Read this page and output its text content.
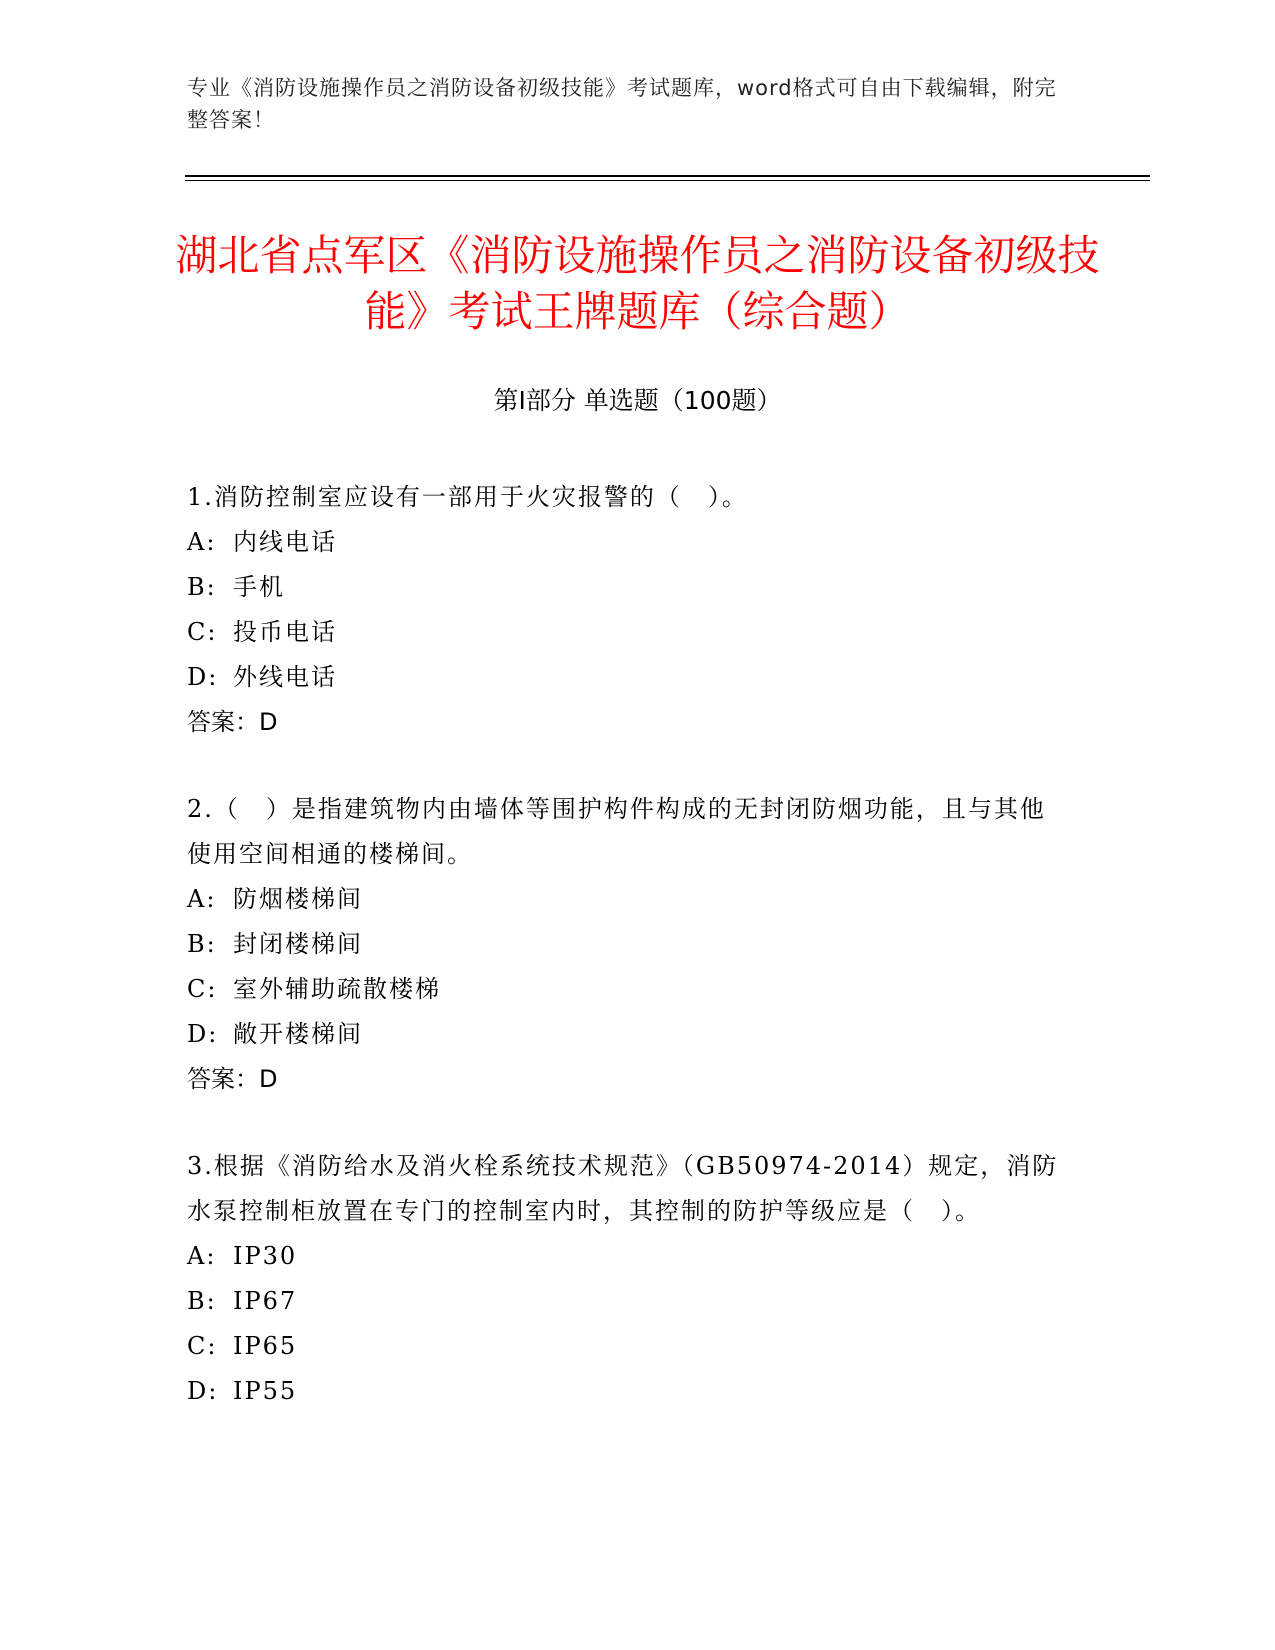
专业《消防设施操作员之消防设备初级技能》考试题库，word格式可自由下载编辑，附完整答案！
湖北省点军区《消防设施操作员之消防设备初级技能》考试王牌题库（综合题）
第Ⅰ部分 单选题（100题）

1.消防控制室应设有一部用于火灾报警的（　）。

A: 内线电话

B: 手机

C: 投币电话

D: 外线电话

答案：D

2.（　）是指建筑物内由墙体等围护构件构成的无封闭防烟功能，且与其他使用空间相通的楼梯间。

A: 防烟楼梯间

B: 封闭楼梯间

C: 室外辅助疏散楼梯

D: 敞开楼梯间

答案：D

3.根据《消防给水及消火栓系统技术规范》（GB50974-2014）规定，消防水泵控制柜放置在专门的控制室内时，其控制的防护等级应是（　）。

A: IP30

B: IP67

C: IP65

D: IP55
